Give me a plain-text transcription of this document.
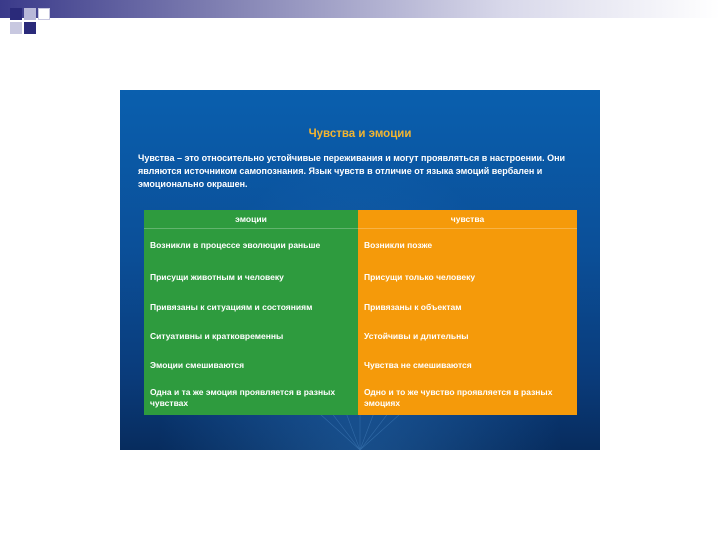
Чувства и эмоции
Чувства – это относительно устойчивые переживания и могут проявляться в настроении. Они являются источником самопознания. Язык чувств в отличие от языка эмоций вербален и эмоционально окрашен.
эмоции
Возникли в процессе эволюции раньше
Присущи животным и человеку
Привязаны к ситуациям и состояниям
Ситуативны и кратковременны
Эмоции смешиваются
Одна и та же эмоция проявляется в разных чувствах
чувства
Возникли позже
Присущи только человеку
Привязаны к объектам
Устойчивы и длительны
Чувства не смешиваются
Одно и то же чувство проявляется в разных эмоциях
